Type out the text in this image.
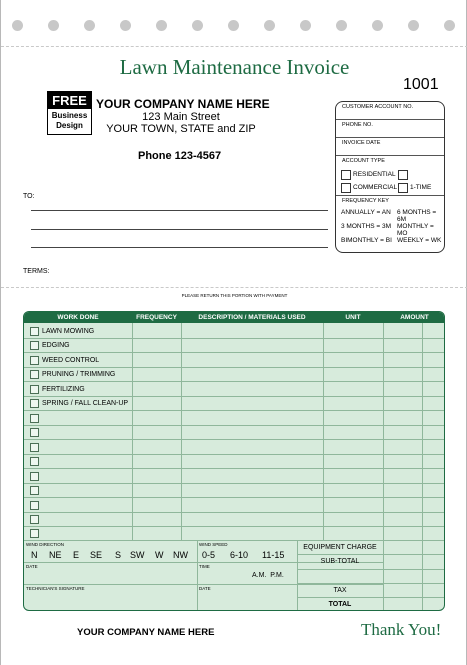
Lawn Maintenance Invoice
1001
FREE
Business
Design
YOUR COMPANY NAME HERE
123 Main Street
YOUR TOWN, STATE and ZIP
Phone 123-4567
CUSTOMER ACCOUNT NO.
PHONE NO.
INVOICE DATE
ACCOUNT TYPE
RESIDENTIAL
COMMERCIAL 1-TIME
FREQUENCY KEY
ANNUALLY = AN 6 MONTHS = 6M
3 MONTHS = 3M MONTHLY = MO
BIMONTHLY = BI WEEKLY = WK
TO:
TERMS:
PLEASE RETURN THIS PORTION WITH PAYMENT
WORK DONE	FREQUENCY	DESCRIPTION / MATERIALS USED	UNIT	AMOUNT
LAWN MOWING
EDGING
WEED CONTROL
PRUNING / TRIMMING
FERTILIZING
SPRING / FALL CLEAN-UP
WIND DIRECTION
N NE E SE S SW W NW
WIND SPEED
0-5 6-10 11-15
DATE	TIME
A.M.  P.M.
TECHNICIAN'S SIGNATURE	DATE
EQUIPMENT CHARGE
SUB-TOTAL
TAX
TOTAL
YOUR COMPANY NAME HERE	Thank You!
